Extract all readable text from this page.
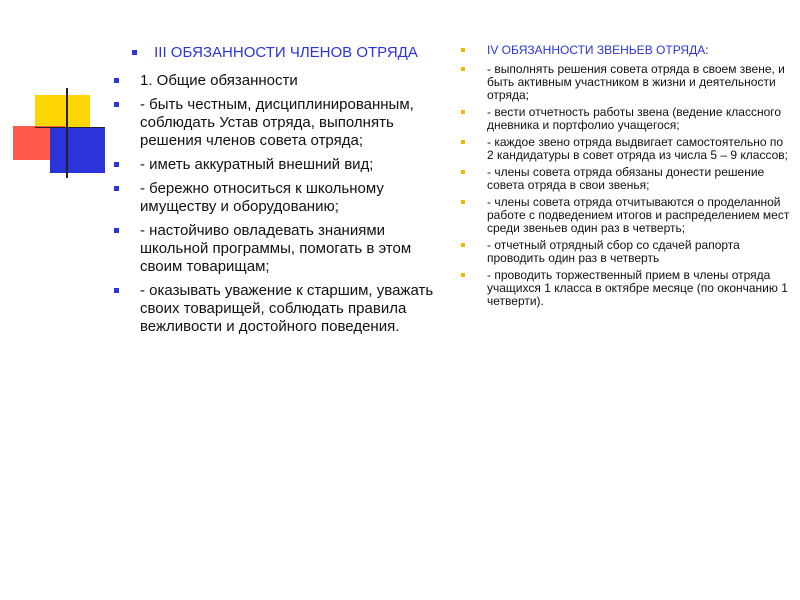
III ОБЯЗАННОСТИ ЧЛЕНОВ ОТРЯДА
1. Общие обязанности
- быть честным, дисциплинированным, соблюдать Устав отряда, выполнять решения членов совета отряда;
- иметь аккуратный внешний вид;
- бережно относиться к школьному имуществу и оборудованию;
- настойчиво овладевать знаниями школьной программы, помогать в этом своим товарищам;
- оказывать уважение к старшим, уважать своих товарищей, соблюдать правила вежливости и достойного поведения.
IV ОБЯЗАННОСТИ ЗВЕНЬЕВ ОТРЯДА:
- выполнять решения совета отряда в своем звене, и быть активным участником в жизни и деятельности отряда;
- вести отчетность работы звена (ведение классного дневника и портфолио учащегося;
- каждое звено отряда выдвигает самостоятельно по 2 кандидатуры в совет отряда из числа 5 – 9 классов;
- члены совета отряда обязаны донести решение совета отряда в свои звенья;
- члены совета отряда отчитываются о проделанной работе с подведением итогов и распределением мест среди звеньев один раз в четверть;
- отчетный отрядный сбор со сдачей рапорта проводить один раз в четверть
- проводить торжественный прием в члены отряда учащихся 1 класса в октябре месяце (по окончанию 1 четверти).
